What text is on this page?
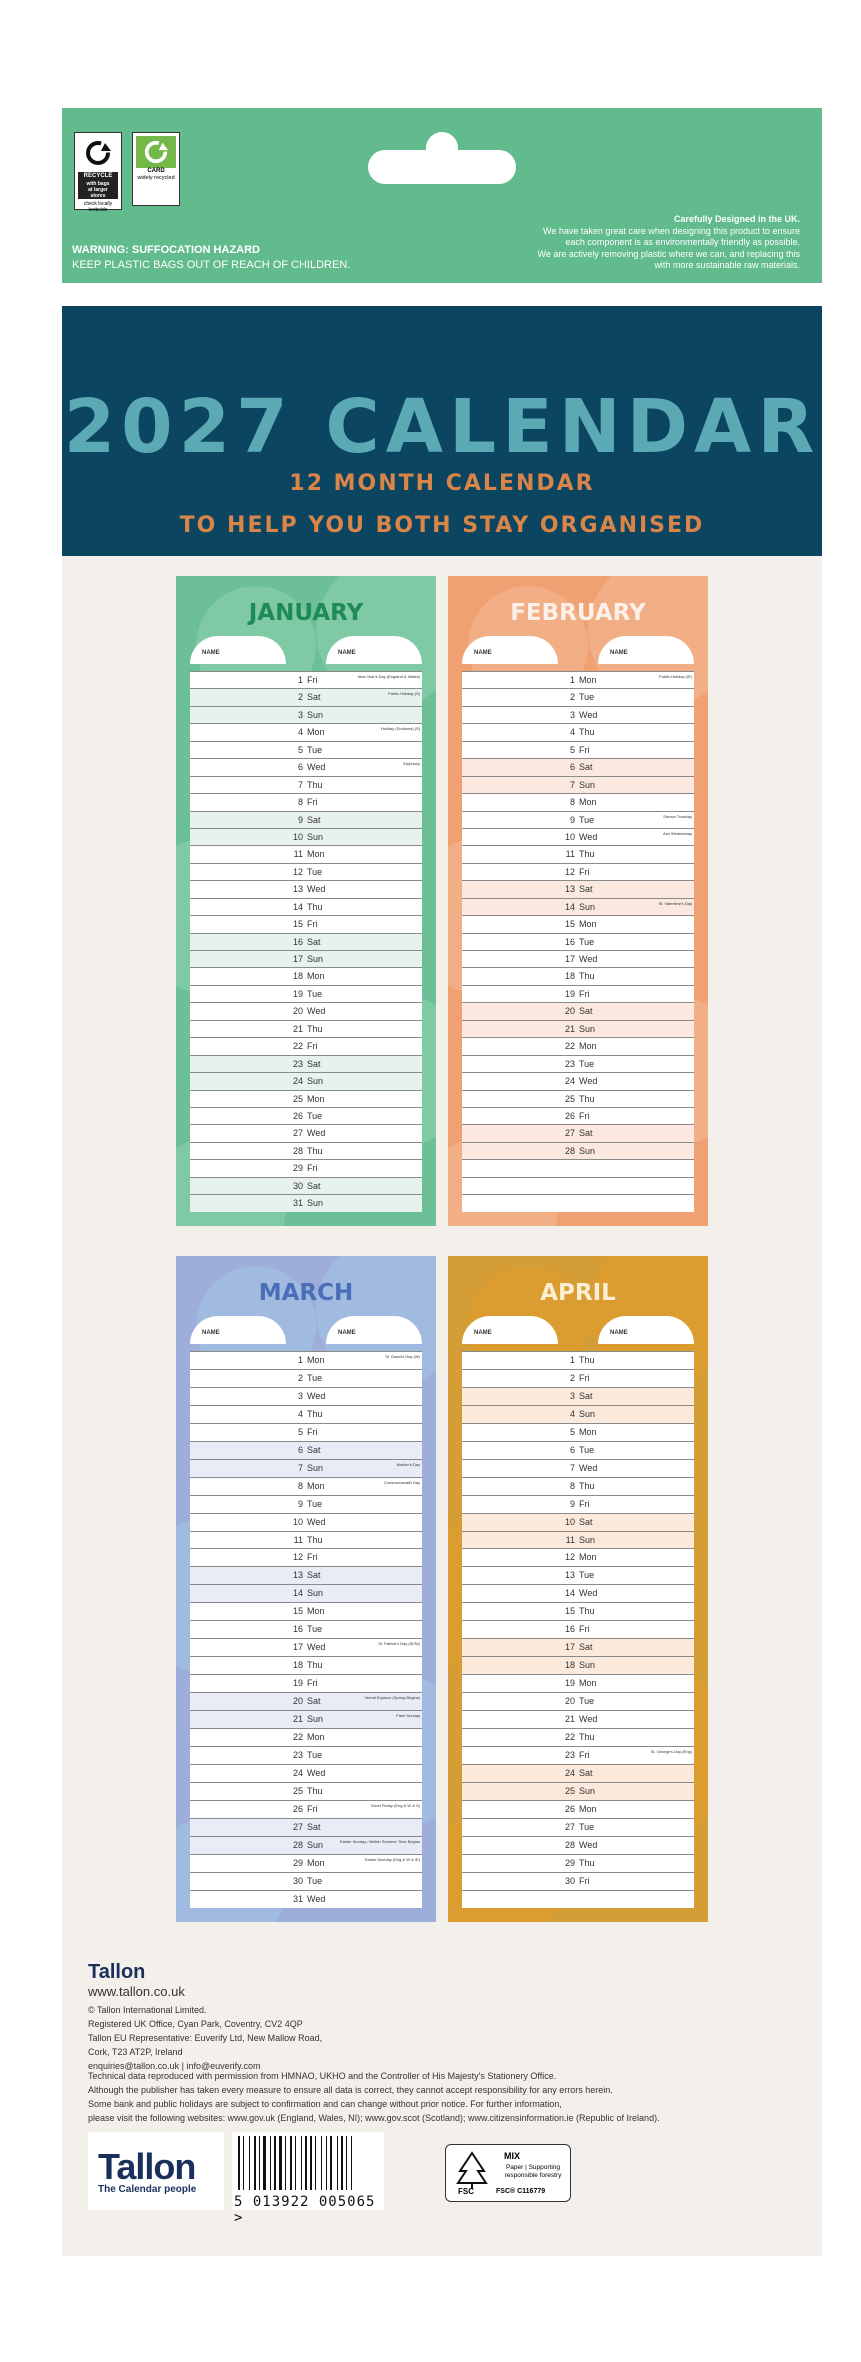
RECYCLE
with bags
at larger
stores
check locally kerbside
CARD
widely recycled
WARNING: SUFFOCATION HAZARD
KEEP PLASTIC BAGS OUT OF REACH OF CHILDREN.
Carefully Designed in the UK.
We have taken great care when designing this product to ensure
each component is as environmentally friendly as possible.
We are actively removing plastic where we can, and replacing this
with more sustainable raw materials.
2027 CALENDAR
12 MONTH CALENDAR
TO HELP YOU BOTH STAY ORGANISED
JANUARY
NAME	NAME
1 Fri	New Year's Day (England & Wales)
2 Sat	Public Holiday (S)
3 Sun
4 Mon	Holiday (Scotland) (S)
5 Tue
6 Wed	Epiphany
7 Thu
8 Fri
9 Sat
10 Sun
11 Mon
12 Tue
13 Wed
14 Thu
15 Fri
16 Sat
17 Sun
18 Mon
19 Tue
20 Wed
21 Thu
22 Fri
23 Sat
24 Sun
25 Mon
26 Tue
27 Wed
28 Thu
29 Fri
30 Sat
31 Sun
FEBRUARY
NAME	NAME
1 Mon	Public Holiday (IE)
2 Tue
3 Wed
4 Thu
5 Fri
6 Sat
7 Sun
8 Mon
9 Tue	Shrove Tuesday
10 Wed	Ash Wednesday
11 Thu
12 Fri
13 Sat
14 Sun	St. Valentine's Day
15 Mon
16 Tue
17 Wed
18 Thu
19 Fri
20 Sat
21 Sun
22 Mon
23 Tue
24 Wed
25 Thu
26 Fri
27 Sat
28 Sun
MARCH
NAME	NAME
1 Mon	St. David's Day (W)
2 Tue
3 Wed
4 Thu
5 Fri
6 Sat
7 Sun	Mother's Day
8 Mon	Commonwealth Day
9 Tue
10 Wed
11 Thu
12 Fri
13 Sat
14 Sun
15 Mon
16 Tue
17 Wed	St. Patrick's Day (IE/NI)
18 Thu
19 Fri
20 Sat	Vernal Equinox (Spring Begins)
21 Sun	Palm Sunday
22 Mon
23 Tue
24 Wed
25 Thu
26 Fri	Good Friday (Eng & W & S)
27 Sat
28 Sun	Easter Sunday / British Summer Time Begins
29 Mon	Easter Monday (Eng & W & IE)
30 Tue
31 Wed
APRIL
NAME	NAME
1 Thu
2 Fri
3 Sat
4 Sun
5 Mon
6 Tue
7 Wed
8 Thu
9 Fri
10 Sat
11 Sun
12 Mon
13 Tue
14 Wed
15 Thu
16 Fri
17 Sat
18 Sun
19 Mon
20 Tue
21 Wed
22 Thu
23 Fri	St. George's Day (Eng)
24 Sat
25 Sun
26 Mon
27 Tue
28 Wed
29 Thu
30 Fri
Tallon
www.tallon.co.uk
© Tallon International Limited.
Registered UK Office, Cyan Park, Coventry, CV2 4QP
Tallon EU Representative: Euverify Ltd, New Mallow Road,
Cork, T23 AT2P, Ireland
enquiries@tallon.co.uk | info@euverify.com
Technical data reproduced with permission from HMNAO, UKHO and the Controller of His Majesty's Stationery Office.
Although the publisher has taken every measure to ensure all data is correct, they cannot accept responsibility for any errors herein.
Some bank and public holidays are subject to confirmation and can change without prior notice. For further information,
please visit the following websites: www.gov.uk (England, Wales, NI); www.gov.scot (Scotland); www.citizensinformation.ie (Republic of Ireland).
Tallon
The Calendar people
5 013922 005065 >
FSC
MIX
Paper | Supporting responsible forestry
FSC® C116779
